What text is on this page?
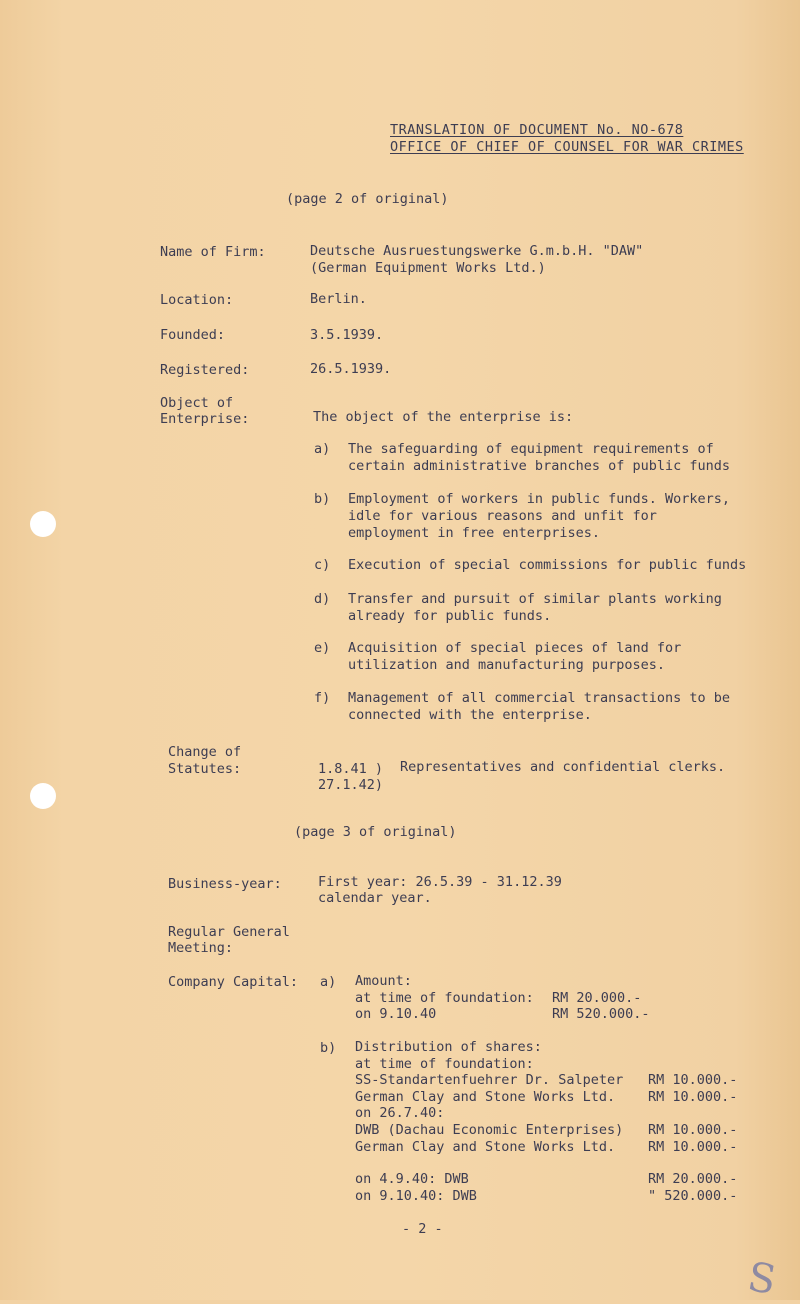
TRANSLATION OF DOCUMENT No. NO-678
OFFICE OF CHIEF OF COUNSEL FOR WAR CRIMES
(page 2 of original)
Name of Firm:	Deutsche Ausruestungswerke G.m.b.H. "DAW"
(German Equipment Works Ltd.)
Location:	Berlin.
Founded:	3.5.1939.
Registered:	26.5.1939.
Object of
Enterprise:	The object of the enterprise is:
a) The safeguarding of equipment requirements of
certain administrative branches of public funds
b) Employment of workers in public funds. Workers,
idle for various reasons and unfit for
employment in free enterprises.
c) Execution of special commissions for public funds
d) Transfer and pursuit of similar plants working
already for public funds.
e) Acquisition of special pieces of land for
utilization and manufacturing purposes.
f) Management of all commercial transactions to be
connected with the enterprise.
Change of
Statutes:	1.8.41 )
27.1.42)
Representatives and confidential clerks.
(page 3 of original)
Business-year:	First year: 26.5.39 - 31.12.39
calendar year.
Regular General
Meeting:
Company Capital: a) Amount:
at time of foundation: RM 20.000.-
on 9.10.40	RM 520.000.-
b) Distribution of shares:
at time of foundation:
SS-Standartenfuehrer Dr. Salpeter RM 10.000.-
German Clay and Stone Works Ltd. RM 10.000.-
on 26.7.40:
DWB (Dachau Economic Enterprises) RM 10.000.-
German Clay and Stone Works Ltd. RM 10.000.-
on 4.9.40: DWB	RM 20.000.-
on 9.10.40: DWB	" 520.000.-
- 2 -
S
